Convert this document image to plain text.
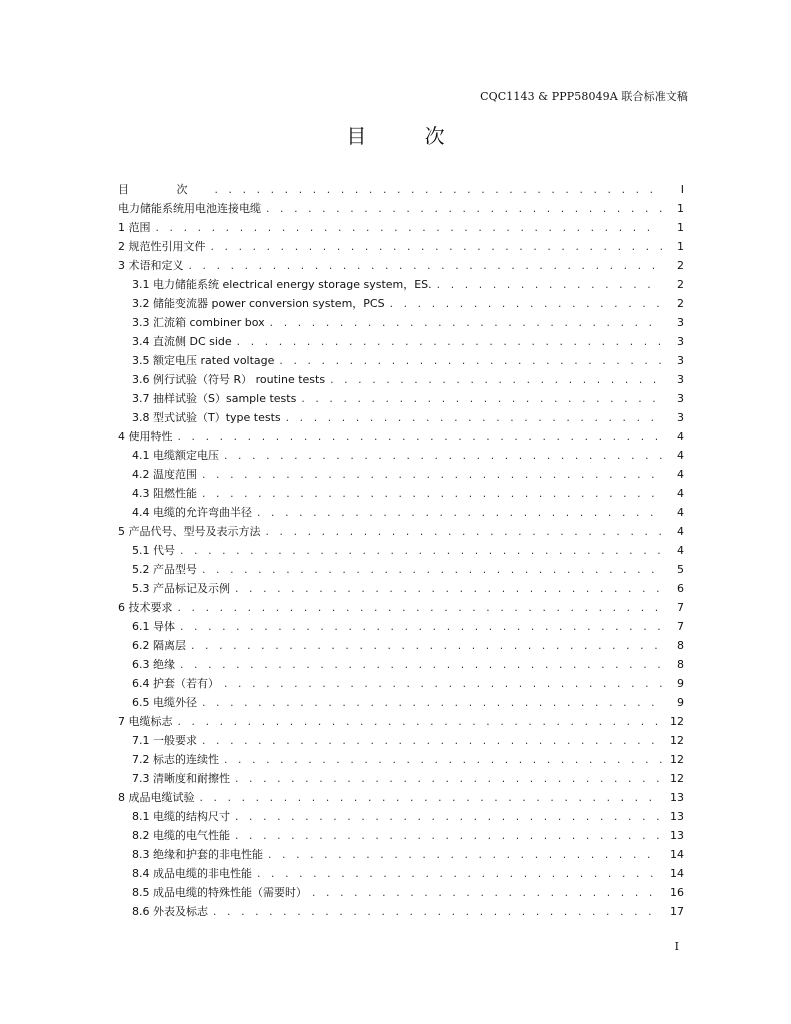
CQC1143 & PPP58049A 联合标准文稿
目 次
目 次 . . .	I
电力储能系统用电池连接电缆 . . .	1
1 范围 . . .	1
2 规范性引用文件 . . .	1
3 术语和定义 . . .	2
3.1 电力储能系统 electrical energy storage system，ES. . . .	2
3.2 储能变流器 power conversion system，PCS . . .	2
3.3 汇流箱 combiner box . . .	3
3.4 直流侧 DC side . . .	3
3.5 额定电压 rated voltage . . .	3
3.6 例行试验（符号 R） routine tests . . .	3
3.7 抽样试验（S）sample tests . . .	3
3.8 型式试验（T）type tests . . .	3
4 使用特性 . . .	4
4.1 电缆额定电压 . . .	4
4.2 温度范围 . . .	4
4.3 阻燃性能 . . .	4
4.4 电缆的允许弯曲半径 . . .	4
5 产品代号、型号及表示方法 . . .	4
5.1 代号 . . .	4
5.2 产品型号 . . .	5
5.3 产品标记及示例 . . .	6
6 技术要求 . . .	7
6.1 导体 . . .	7
6.2 隔离层 . . .	8
6.3 绝缘 . . .	8
6.4 护套（若有） . . .	9
6.5 电缆外径 . . .	9
7 电缆标志 . . .	12
7.1 一般要求 . . .	12
7.2 标志的连续性 . . .	12
7.3 清晰度和耐擦性 . . .	12
8 成品电缆试验 . . .	13
8.1 电缆的结构尺寸 . . .	13
8.2 电缆的电气性能 . . .	13
8.3 绝缘和护套的非电性能 . . .	14
8.4 成品电缆的非电性能 . . .	14
8.5 成品电缆的特殊性能（需要时） . . .	16
8.6 外表及标志 . . .	17
I
